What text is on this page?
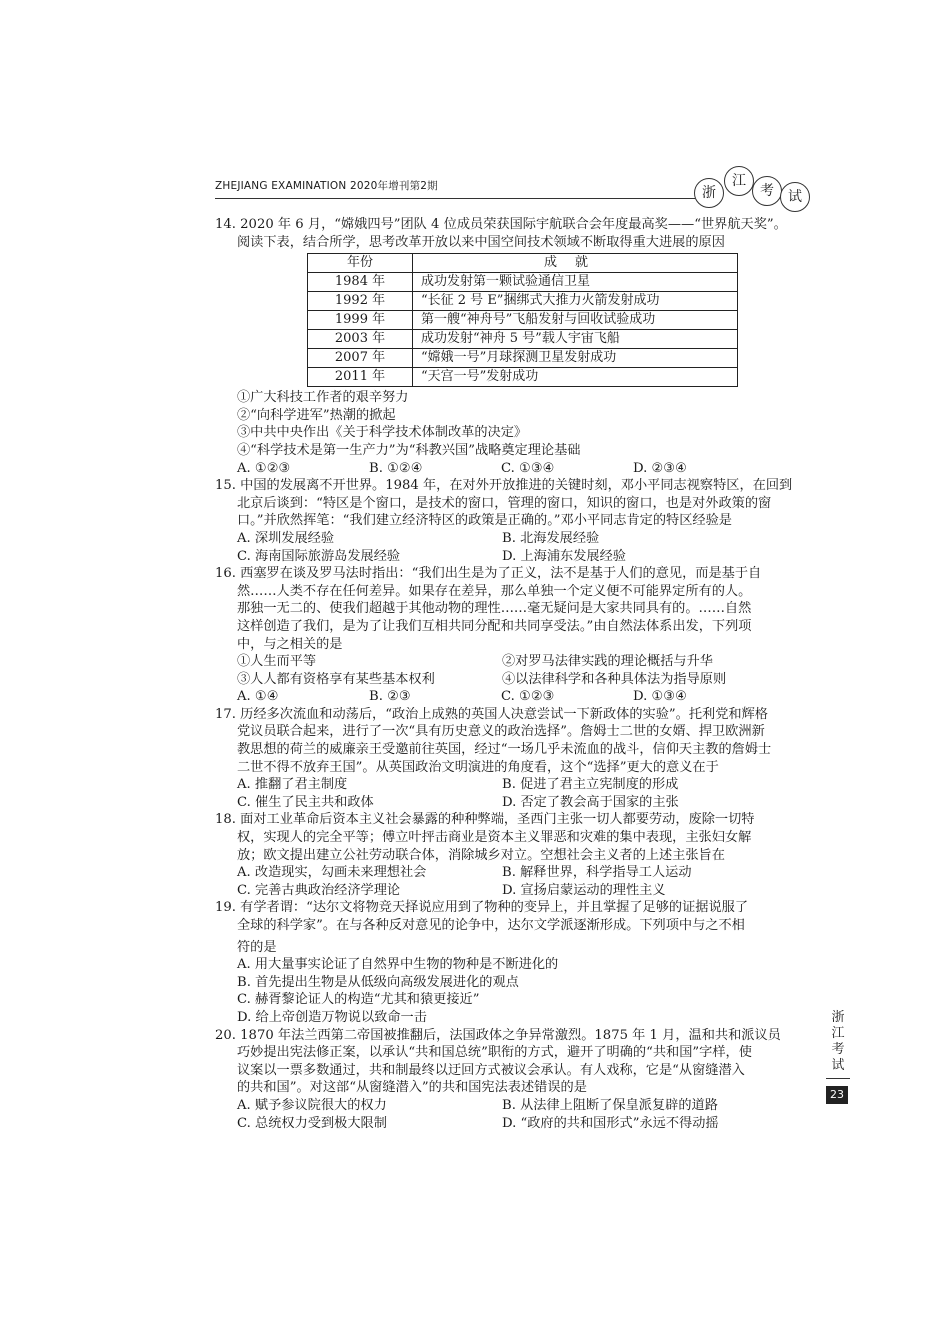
ZHEJIANG EXAMINATION 2020年增刊第2期	浙
江
考	试
14. 2020 年 6 月，“嫦娥四号”团队 4 位成员荣获国际宇航联合会年度最高奖——“世界航天奖”。
阅读下表，结合所学，思考改革开放以来中国空间技术领域不断取得重大进展的原因
年份	成就
1984 年	成功发射第一颗试验通信卫星
1992 年	“长征 2 号 E”捆绑式大推力火箭发射成功
1999 年	第一艘“神舟号”飞船发射与回收试验成功
2003 年	成功发射“神舟 5 号”载人宇宙飞船
2007 年	“嫦娥一号”月球探测卫星发射成功
2011 年	“天宫一号”发射成功
①广大科技工作者的艰辛努力
②“向科学进军”热潮的掀起
③中共中央作出《关于科学技术体制改革的决定》
④“科学技术是第一生产力”为“科教兴国”战略奠定理论基础
A. ①②③	B. ①②④	C. ①③④	D. ②③④
15. 中国的发展离不开世界。1984 年，在对外开放推进的关键时刻，邓小平同志视察特区，在回到
北京后谈到：“特区是个窗口，是技术的窗口，管理的窗口，知识的窗口，也是对外政策的窗
口。”并欣然挥笔：“我们建立经济特区的政策是正确的。”邓小平同志肯定的特区经验是
A. 深圳发展经验	B. 北海发展经验
C. 海南国际旅游岛发展经验	D. 上海浦东发展经验
16. 西塞罗在谈及罗马法时指出：“我们出生是为了正义，法不是基于人们的意见，而是基于自
然……人类不存在任何差异。如果存在差异，那么单独一个定义便不可能界定所有的人。
那独一无二的、使我们超越于其他动物的理性……毫无疑问是大家共同具有的。……自然
这样创造了我们，是为了让我们互相共同分配和共同享受法。”由自然法体系出发，下列项
中，与之相关的是
①人生而平等	②对罗马法律实践的理论概括与升华
③人人都有资格享有某些基本权利	④以法律科学和各种具体法为指导原则
A. ①④	B. ②③	C. ①②③	D. ①③④
17. 历经多次流血和动荡后，“政治上成熟的英国人决意尝试一下新政体的实验”。托利党和辉格
党议员联合起来，进行了一次“具有历史意义的政治选择”。詹姆士二世的女婿、捍卫欧洲新
教思想的荷兰的威廉亲王受邀前往英国，经过“一场几乎未流血的战斗，信仰天主教的詹姆士
二世不得不放弃王国”。从英国政治文明演进的角度看，这个“选择”更大的意义在于
A. 推翻了君主制度	B. 促进了君主立宪制度的形成
C. 催生了民主共和政体	D. 否定了教会高于国家的主张
18. 面对工业革命后资本主义社会暴露的种种弊端，圣西门主张一切人都要劳动，废除一切特
权，实现人的完全平等；傅立叶抨击商业是资本主义罪恶和灾难的集中表现，主张妇女解
放；欧文提出建立公社劳动联合体，消除城乡对立。空想社会主义者的上述主张旨在
A. 改造现实，勾画未来理想社会	B. 解释世界，科学指导工人运动
C. 完善古典政治经济学理论	D. 宣扬启蒙运动的理性主义
19. 有学者谓：“达尔文将物竞天择说应用到了物种的变异上，并且掌握了足够的证据说服了
全球的科学家”。在与各种反对意见的论争中，达尔文学派逐渐形成。下列项中与之不相
符的是
A. 用大量事实论证了自然界中生物的物种是不断进化的
B. 首先提出生物是从低级向高级发展进化的观点
C. 赫胥黎论证人的构造“尤其和猿更接近”
D. 给上帝创造万物说以致命一击
20. 1870 年法兰西第二帝国被推翻后，法国政体之争异常激烈。1875 年 1 月，温和共和派议员
巧妙提出宪法修正案，以承认“共和国总统”职衔的方式，避开了明确的“共和国”字样，使
议案以一票多数通过，共和制最终以迂回方式被议会承认。有人戏称，它是“从窗缝潜入
的共和国”。对这部“从窗缝潜入”的共和国宪法表述错误的是
A. 赋予参议院很大的权力	B. 从法律上阻断了保皇派复辟的道路
C. 总统权力受到极大限制	D. “政府的共和国形式”永远不得动摇
浙江考试
23
